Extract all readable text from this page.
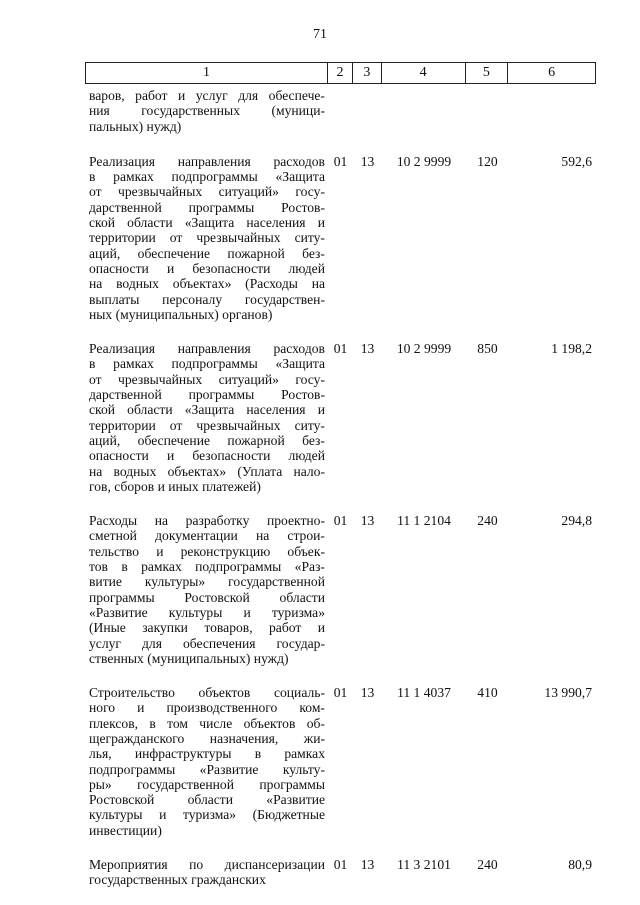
71
1	2	3	4	5	6
варов, работ и услуг для обеспече-
ния государственных (муници-
пальных) нужд)
Реализация направления расходов
в рамках подпрограммы «Защита
от чрезвычайных ситуаций» госу-
дарственной программы Ростов-
ской области «Защита населения и
территории от чрезвычайных ситу-
аций, обеспечение пожарной без-
опасности и безопасности людей
на водных объектах» (Расходы на
выплаты персоналу государствен-
ных (муниципальных) органов)
01 13	10 2 9999	120	592,6
Реализация направления расходов
в рамках подпрограммы «Защита
от чрезвычайных ситуаций» госу-
дарственной программы Ростов-
ской области «Защита населения и
территории от чрезвычайных ситу-
аций, обеспечение пожарной без-
опасности и безопасности людей
на водных объектах» (Уплата нало-
гов, сборов и иных платежей)
01 13	10 2 9999	850	1 198,2
Расходы на разработку проектно-
сметной документации на строи-
тельство и реконструкцию объек-
тов в рамках подпрограммы «Раз-
витие культуры» государственной
программы Ростовской области
«Развитие культуры и туризма»
(Иные закупки товаров, работ и
услуг для обеспечения государ-
ственных (муниципальных) нужд)
01 13	11 1 2104	240	294,8
Строительство объектов социаль-
ного и производственного ком-
плексов, в том числе объектов об-
щегражданского назначения, жи-
лья, инфраструктуры в рамках
подпрограммы «Развитие культу-
ры» государственной программы
Ростовской области «Развитие
культуры и туризма» (Бюджетные
инвестиции)
01 13	11 1 4037	410	13 990,7
Мероприятия по диспансеризации
государственных гражданских
01 13	11 3 2101	240	80,9
